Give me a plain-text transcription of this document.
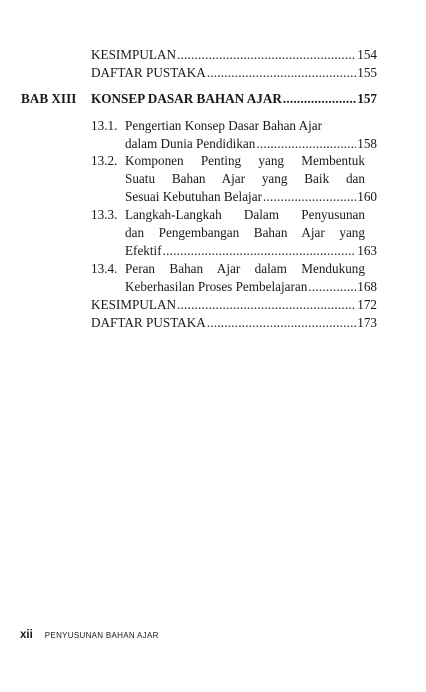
KESIMPULAN .....	154
DAFTAR PUSTAKA .....	155
BAB XIII KONSEP DASAR BAHAN AJAR .....	157
13.1. Pengertian Konsep Dasar Bahan Ajar
dalam Dunia Pendidikan .....	158
13.2. Komponen Penting yang Membentuk
Suatu Bahan Ajar yang Baik dan
Sesuai Kebutuhan Belajar .....	160
13.3. Langkah-Langkah Dalam Penyusunan
dan Pengembangan Bahan Ajar yang
Efektif .....	163
13.4. Peran Bahan Ajar dalam Mendukung
Keberhasilan Proses Pembelajaran .....	168
KESIMPULAN .....	172
DAFTAR PUSTAKA .....	173
xii PENYUSUNAN BAHAN AJAR
